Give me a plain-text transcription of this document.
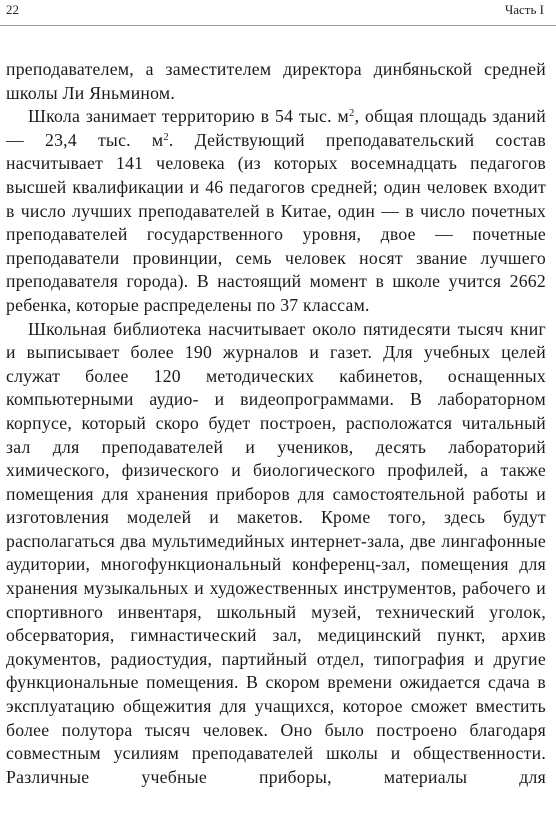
22	Часть I

преподавателем, а заместителем директора динбяньской средней школы Ли Яньмином.

Школа занимает территорию в 54 тыс. $м^2$, общая площадь зданий — 23,4 тыс. $м^2$. Действующий преподавательский состав насчитывает 141 человека (из которых восемнадцать педагогов высшей квалификации и 46 педагогов средней; один человек входит в число лучших преподавателей в Китае, один — в число почетных преподавателей государственного уровня, двое — почетные преподаватели провинции, семь человек носят звание лучшего преподавателя города). В настоящий момент в школе учится 2662 ребенка, которые распределены по 37 классам.

Школьная библиотека насчитывает около пятидесяти тысяч книг и выписывает более 190 журналов и газет. Для учебных целей служат более 120 методических кабинетов, оснащенных компьютерными аудио- и видеопрограммами. В лабораторном корпусе, который скоро будет построен, расположатся читальный зал для преподавателей и учеников, десять лабораторий химического, физического и биологического профилей, а также помещения для хранения приборов для самостоятельной работы и изготовления моделей и макетов. Кроме того, здесь будут располагаться два мультимедийных интернет-зала, две лингафонные аудитории, многофункциональный конференц-зал, помещения для хранения музыкальных и художественных инструментов, рабочего и спортивного инвентаря, школьный музей, технический уголок, обсерватория, гимнастический зал, медицинский пункт, архив документов, радиостудия, партийный отдел, типография и другие функциональные помещения. В скором времени ожидается сдача в эксплуатацию общежития для учащихся, которое сможет вместить более полутора тысяч человек. Оно было построено благодаря совместным усилиям преподавателей школы и общественности. Различные учебные приборы, материалы для
